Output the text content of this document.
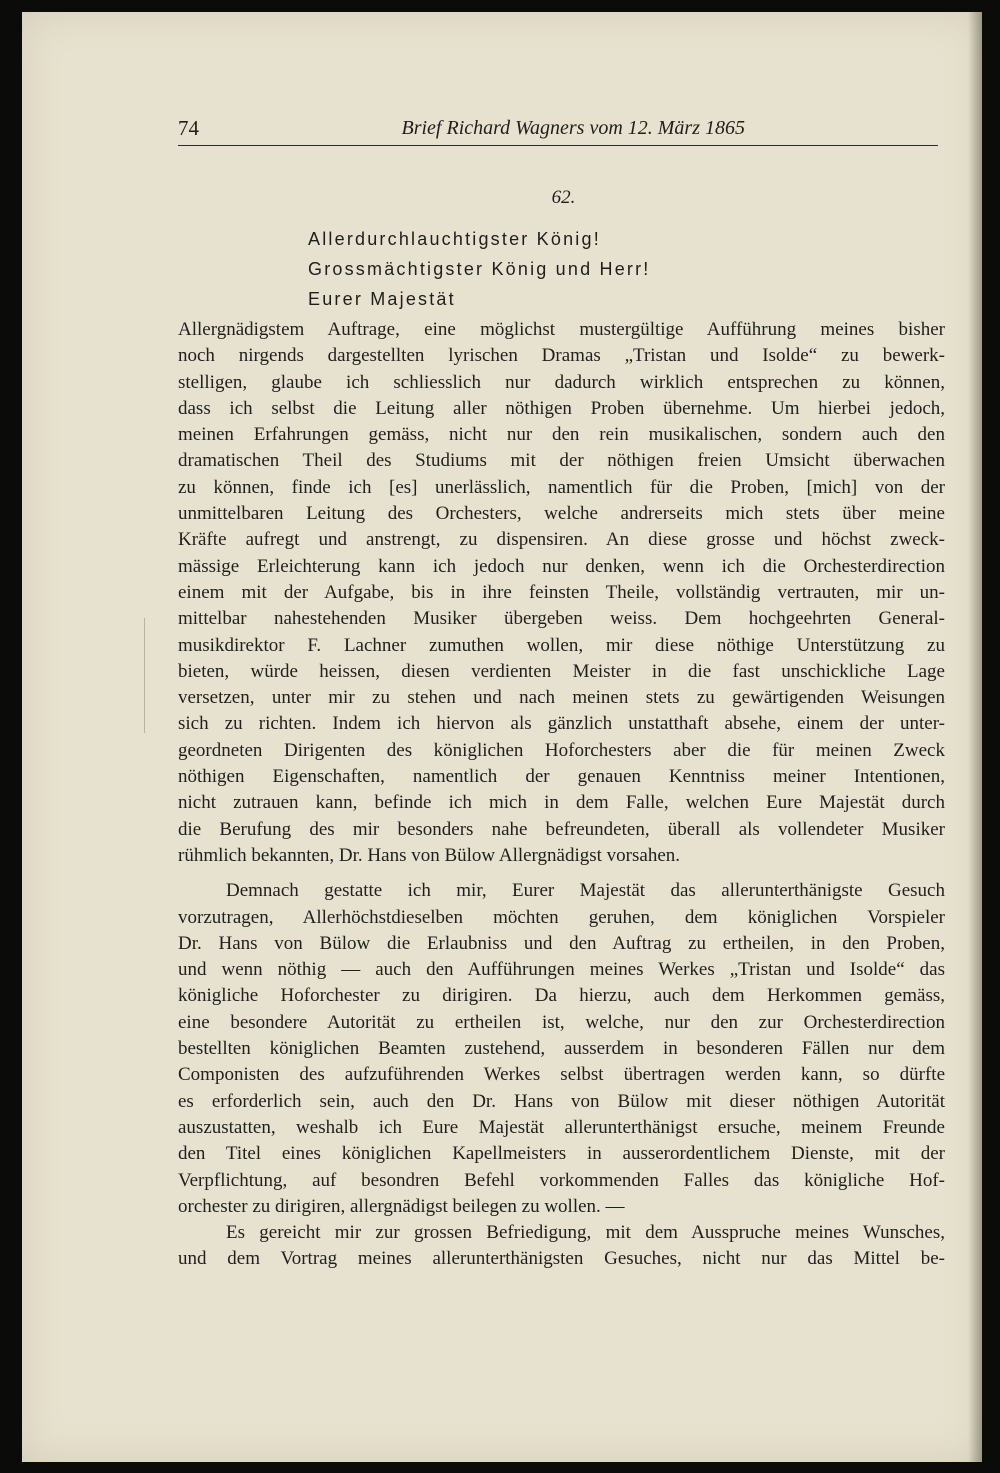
74	Brief Richard Wagners vom 12. März 1865
62.
Allerdurchlauchtigster König!
Grossmächtigster König und Herr!
Eurer Majestät
Allergnädigstem Auftrage, eine möglichst mustergültige Aufführung meines bisher
noch nirgends dargestellten lyrischen Dramas „Tristan und Isolde“ zu bewerk-
stelligen, glaube ich schliesslich nur dadurch wirklich entsprechen zu können,
dass ich selbst die Leitung aller nöthigen Proben übernehme. Um hierbei jedoch,
meinen Erfahrungen gemäss, nicht nur den rein musikalischen, sondern auch den
dramatischen Theil des Studiums mit der nöthigen freien Umsicht überwachen
zu können, finde ich [es] unerlässlich, namentlich für die Proben, [mich] von der
unmittelbaren Leitung des Orchesters, welche andrerseits mich stets über meine
Kräfte aufregt und anstrengt, zu dispensiren. An diese grosse und höchst zweck-
mässige Erleichterung kann ich jedoch nur denken, wenn ich die Orchesterdirection
einem mit der Aufgabe, bis in ihre feinsten Theile, vollständig vertrauten, mir un-
mittelbar nahestehenden Musiker übergeben weiss. Dem hochgeehrten General-
musikdirektor F. Lachner zumuthen wollen, mir diese nöthige Unterstützung zu
bieten, würde heissen, diesen verdienten Meister in die fast unschickliche Lage
versetzen, unter mir zu stehen und nach meinen stets zu gewärtigenden Weisungen
sich zu richten. Indem ich hiervon als gänzlich unstatthaft absehe, einem der unter-
geordneten Dirigenten des königlichen Hoforchesters aber die für meinen Zweck
nöthigen Eigenschaften, namentlich der genauen Kenntniss meiner Intentionen,
nicht zutrauen kann, befinde ich mich in dem Falle, welchen Eure Majestät durch
die Berufung des mir besonders nahe befreundeten, überall als vollendeter Musiker
rühmlich bekannten, Dr. Hans von Bülow Allergnädigst vorsahen.
Demnach gestatte ich mir, Eurer Majestät das allerunterthänigste Gesuch
vorzutragen, Allerhöchstdieselben möchten geruhen, dem königlichen Vorspieler
Dr. Hans von Bülow die Erlaubniss und den Auftrag zu ertheilen, in den Proben,
und wenn nöthig — auch den Aufführungen meines Werkes „Tristan und Isolde“ das
königliche Hoforchester zu dirigiren. Da hierzu, auch dem Herkommen gemäss,
eine besondere Autorität zu ertheilen ist, welche, nur den zur Orchesterdirection
bestellten königlichen Beamten zustehend, ausserdem in besonderen Fällen nur dem
Componisten des aufzuführenden Werkes selbst übertragen werden kann, so dürfte
es erforderlich sein, auch den Dr. Hans von Bülow mit dieser nöthigen Autorität
auszustatten, weshalb ich Eure Majestät allerunterthänigst ersuche, meinem Freunde
den Titel eines königlichen Kapellmeisters in ausserordentlichem Dienste, mit der
Verpflichtung, auf besondren Befehl vorkommenden Falles das königliche Hof-
orchester zu dirigiren, allergnädigst beilegen zu wollen. —
Es gereicht mir zur grossen Befriedigung, mit dem Ausspruche meines Wunsches,
und dem Vortrag meines allerunterthänigsten Gesuches, nicht nur das Mittel be-
